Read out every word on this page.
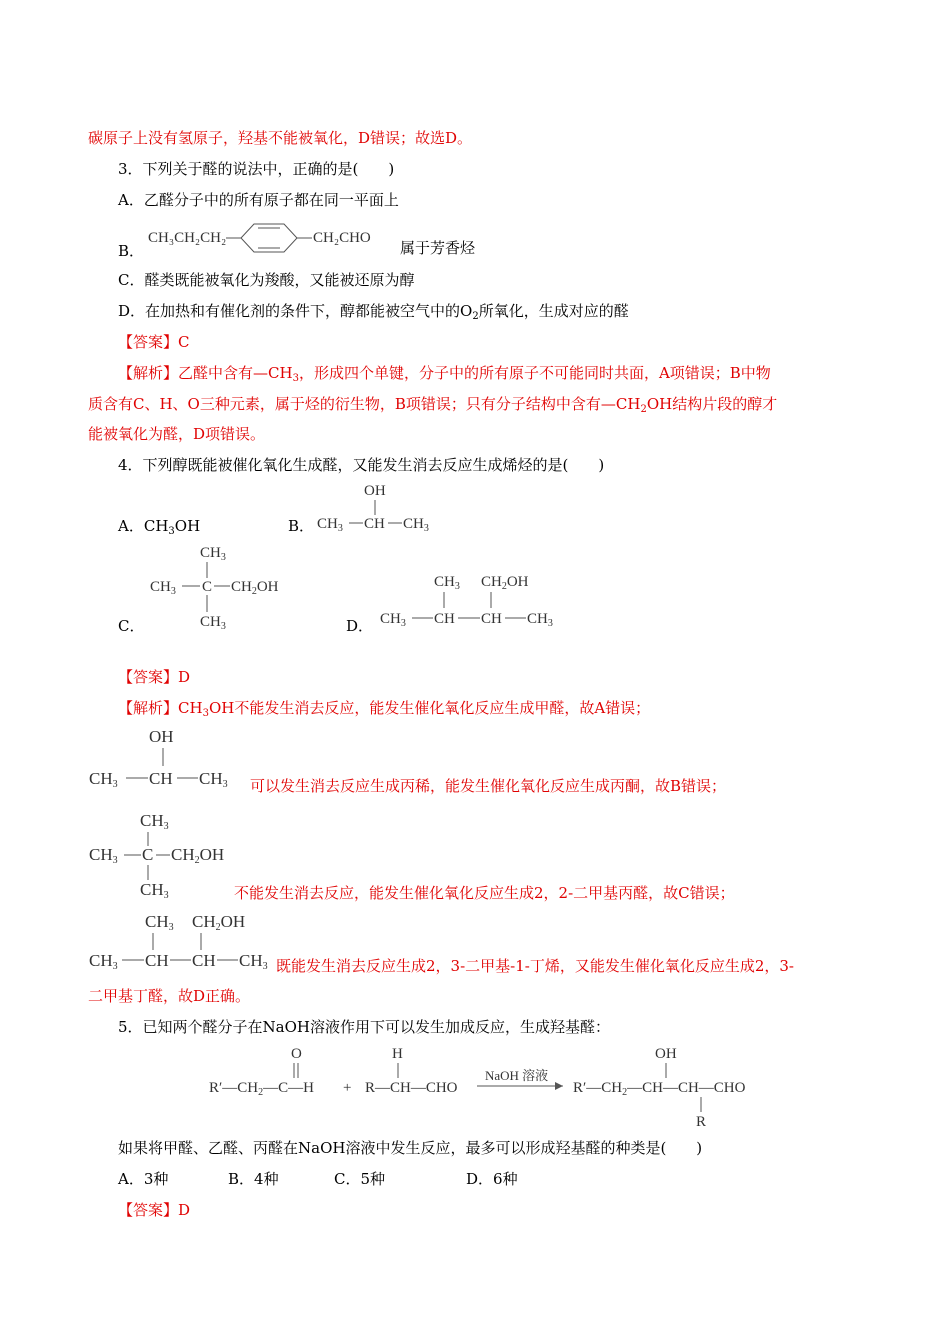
碳原子上没有氢原子，羟基不能被氧化，D错误；故选D。
3．下列关于醛的说法中，正确的是(　　)
A．乙醛分子中的所有原子都在同一平面上
B．
CH₃CH₂CH₂	CH₂CHO
属于芳香烃
C．醛类既能被氧化为羧酸，又能被还原为醇
D．在加热和有催化剂的条件下，醇都能被空气中的$O_2$所氧化，生成对应的醛
【答案】C
【解析】乙醛中含有$—CH_3$，形成四个单键，分子中的所有原子不可能同时共面，A项错误；B中物
质含有C、H、O三种元素，属于烃的衍生物，B项错误；只有分子结构中含有$—CH_2OH$结构片段的醇才
能被氧化为醛，D项错误。
4．下列醇既能被催化氧化生成醛，又能发生消去反应生成烯烃的是(　　)
A．$CH_3OH$	B．
OH
$CH_3$ CH $CH_3$
C．
$CH_3$
$CH_3$ C $CH_2OH$
$CH_3$	D．
$CH_3$ $CH_2OH$
$CH_3$ CH CH $CH_3$
【答案】D
【解析】$CH_3OH$不能发生消去反应，能发生催化氧化反应生成甲醛，故A错误；
OH
CH3 CH CH3 可以发生消去反应生成丙稀，能发生催化氧化反应生成丙酮，故B错误；
CH3
CH3 C CH2OH
CH3	不能发生消去反应，能发生催化氧化反应生成2，2-二甲基丙醛，故C错误；
CH3 CH2OH
CH3 CH CH CH3 既能发生消去反应生成2，3-二甲基-1-丁烯，又能发生催化氧化反应生成2，3-
二甲基丁醛，故D正确。
5．已知两个醛分子在NaOH溶液作用下可以发生加成反应，生成羟基醛：
O
$R'—CH_2—C—H$ +
H
R—CH—CHO
NaOH 溶液
OH
$R'—CH_2—CH—CH—CHO$
R
如果将甲醛、乙醛、丙醛在NaOH溶液中发生反应，最多可以形成羟基醛的种类是(　　)
A．3种	B．4种	C．5种	D．6种
【答案】D
